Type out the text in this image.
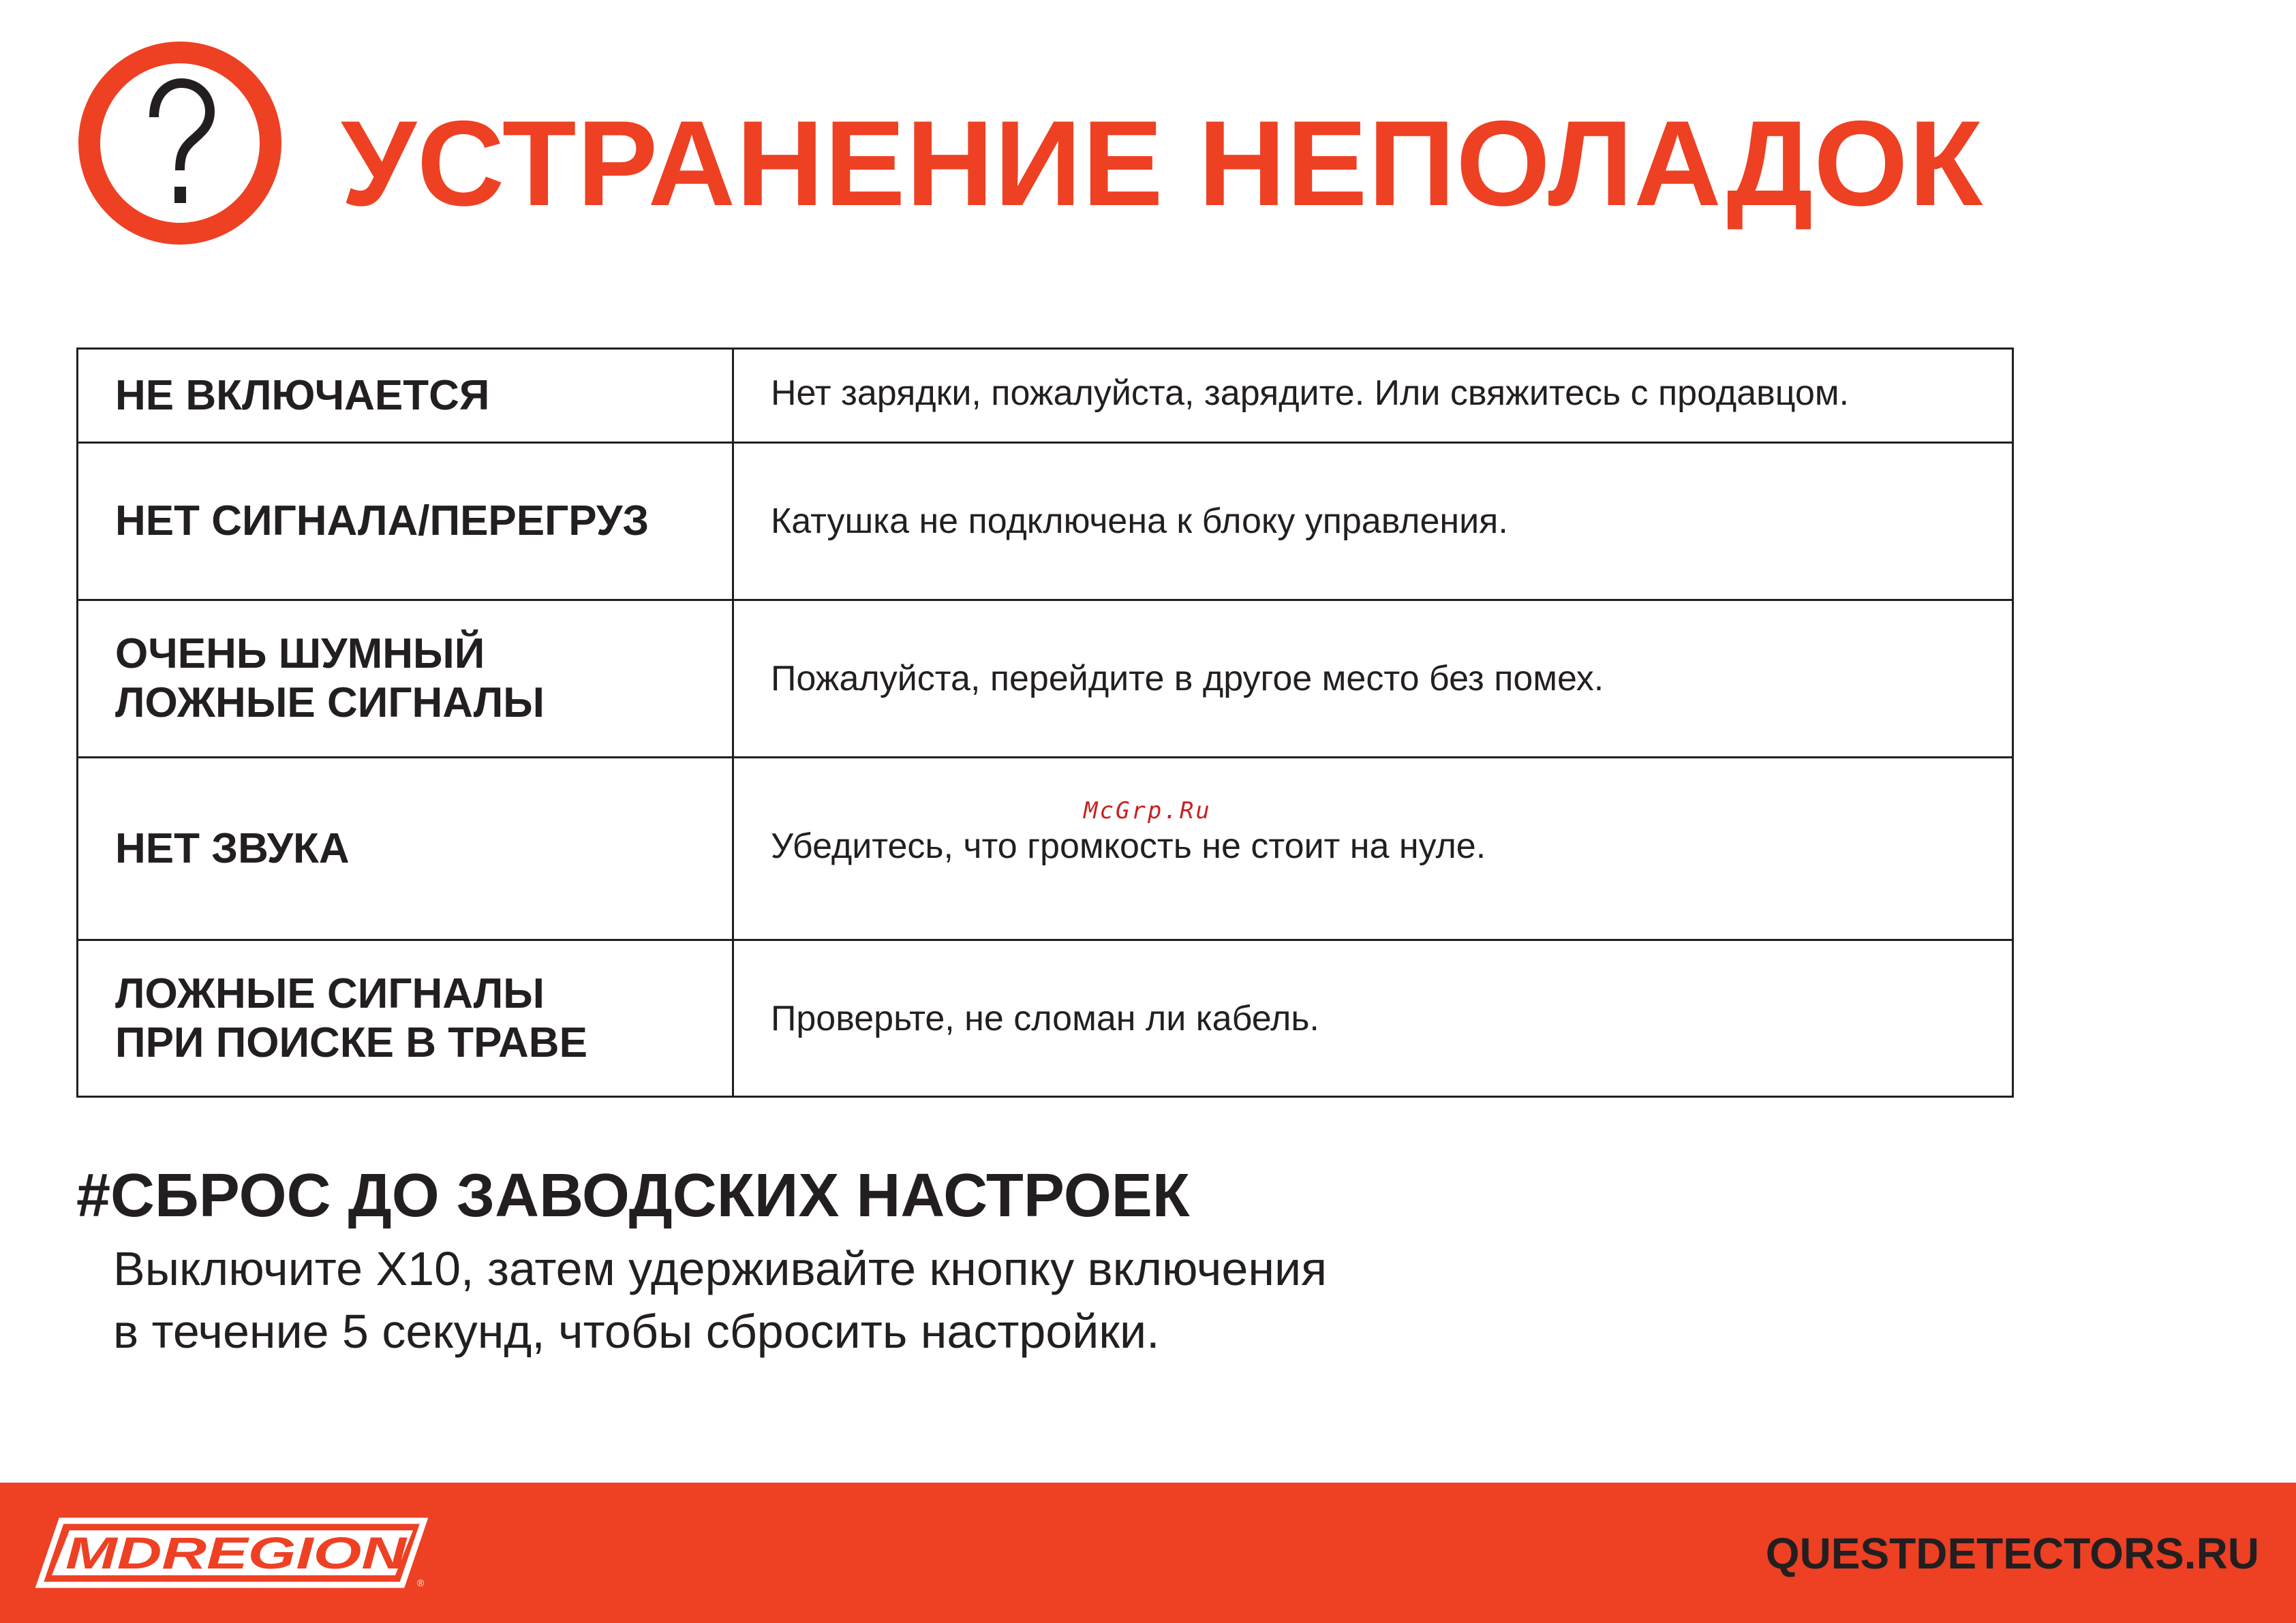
УСТРАНЕНИЕ НЕПОЛАДОК
НЕ ВКЛЮЧАЕТСЯ	Нет зарядки, пожалуйста, зарядите. Или свяжитесь с продавцом.
НЕТ СИГНАЛА/ПЕРЕГРУЗ	Катушка не подключена к блоку управления.
ОЧЕНЬ ШУМНЫЙ
ЛОЖНЫЕ СИГНАЛЫ	Пожалуйста, перейдите в другое место без помех.
НЕТ ЗВУКА	Убедитесь, что громкость не стоит на нуле.
ЛОЖНЫЕ СИГНАЛЫ
ПРИ ПОИСКЕ В ТРАВЕ	Проверьте, не сломан ли кабель.
McGrp.Ru
#СБРОС ДО ЗАВОДСКИХ НАСТРОЕК

Выключите X10, затем удерживайте кнопку включения
в течение 5 секунд, чтобы сбросить настройки.

MDREGION
®
QUESTDETECTORS.RU
